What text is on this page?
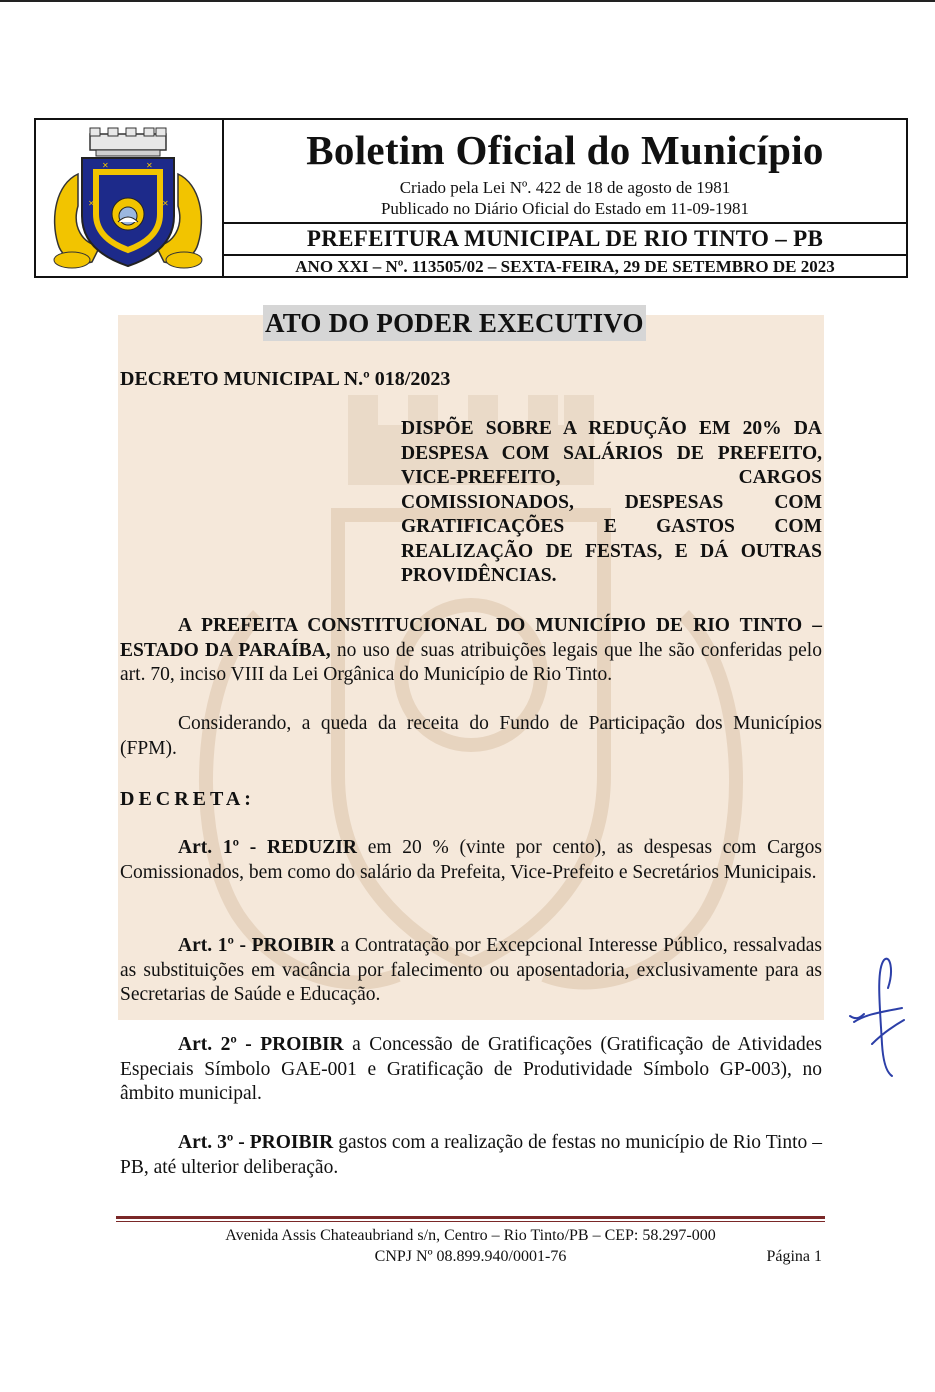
✕	✕
✕	✕
Boletim Oficial do Município
Criado pela Lei Nº. 422 de 18 de agosto de 1981
Publicado no Diário Oficial do Estado em 11-09-1981
PREFEITURA MUNICIPAL DE RIO TINTO – PB
ANO XXI – Nº. 113505/02 – SEXTA-FEIRA, 29 DE SETEMBRO DE 2023
ATO DO PODER EXECUTIVO
DECRETO MUNICIPAL N.º 018/2023
DISPÕE SOBRE A REDUÇÃO EM 20% DA DESPESA COM SALÁRIOS DE PREFEITO, VICE-PREFEITO, CARGOS COMISSIONADOS, DESPESAS COM GRATIFICAÇÕES E GASTOS COM REALIZAÇÃO DE FESTAS, E DÁ OUTRAS PROVIDÊNCIAS.
A PREFEITA CONSTITUCIONAL DO MUNICÍPIO DE RIO TINTO – ESTADO DA PARAÍBA, no uso de suas atribuições legais que lhe são conferidas pelo art. 70, inciso VIII da Lei Orgânica do Município de Rio Tinto.
Considerando, a queda da receita do Fundo de Participação dos Municípios (FPM).
DECRETA:
Art. 1º - REDUZIR em 20 % (vinte por cento), as despesas com Cargos Comissionados, bem como do salário da Prefeita, Vice-Prefeito e Secretários Municipais.
Art. 1º - PROIBIR a Contratação por Excepcional Interesse Público, ressalvadas as substituições em vacância por falecimento ou aposentadoria, exclusivamente para as Secretarias de Saúde e Educação.
Art. 2º - PROIBIR a Concessão de Gratificações (Gratificação de Atividades Especiais Símbolo GAE-001 e Gratificação de Produtividade Símbolo GP-003), no âmbito municipal.
Art. 3º - PROIBIR gastos com a realização de festas no município de Rio Tinto – PB, até ulterior deliberação.
Avenida Assis Chateaubriand s/n, Centro – Rio Tinto/PB – CEP: 58.297-000
CNPJ Nº 08.899.940/0001-76	Página 1
